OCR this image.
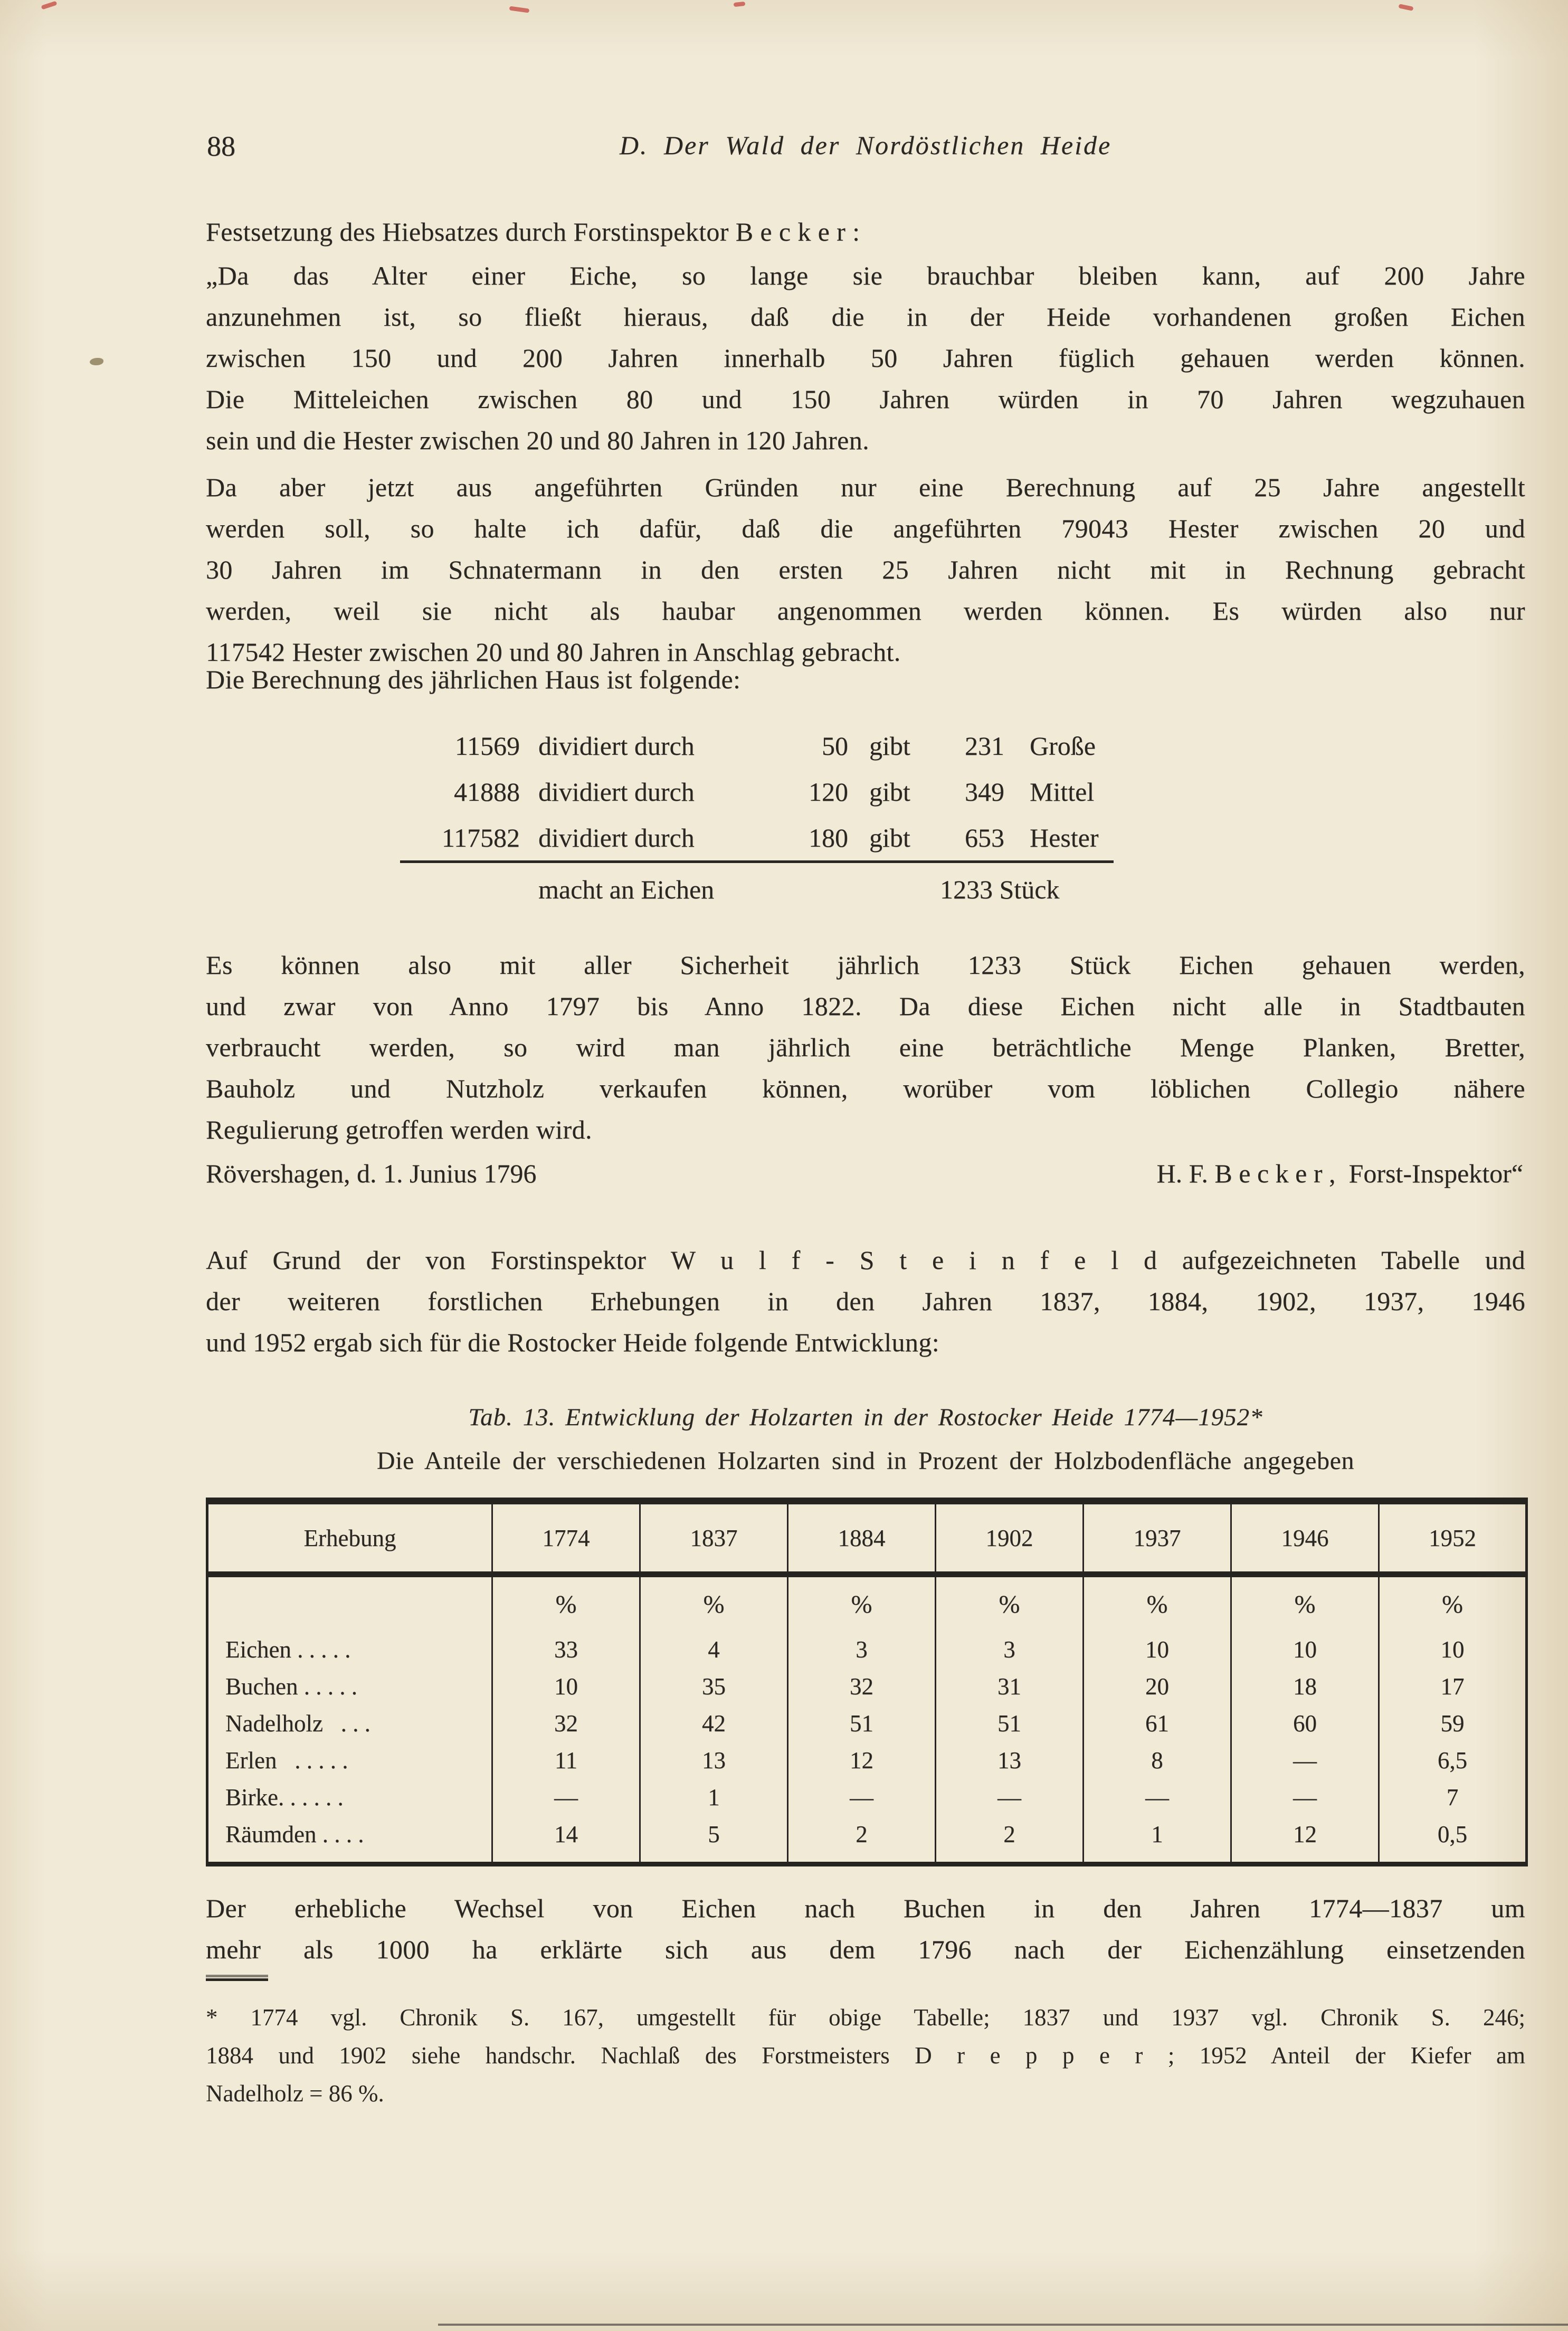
88	D. Der Wald der Nordöstlichen Heide
Festsetzung des Hiebsatzes durch Forstinspektor B e c k e r :
„Da das Alter einer Eiche, so lange sie brauchbar bleiben kann, auf 200 Jahre
anzunehmen ist, so fließt hieraus, daß die in der Heide vorhandenen großen Eichen
zwischen 150 und 200 Jahren innerhalb 50 Jahren füglich gehauen werden können.
Die Mitteleichen zwischen 80 und 150 Jahren würden in 70 Jahren wegzuhauen
sein und die Hester zwischen 20 und 80 Jahren in 120 Jahren.
Da aber jetzt aus angeführten Gründen nur eine Berechnung auf 25 Jahre angestellt
werden soll, so halte ich dafür, daß die angeführten 79043 Hester zwischen 20 und
30 Jahren im Schnatermann in den ersten 25 Jahren nicht mit in Rechnung gebracht
werden, weil sie nicht als haubar angenommen werden können. Es würden also nur
117542 Hester zwischen 20 und 80 Jahren in Anschlag gebracht.
Die Berechnung des jährlichen Haus ist folgende:
11569 dividiert durch	50 gibt	231 Große
41888 dividiert durch	120 gibt	349 Mittel
117582 dividiert durch	180 gibt	653 Hester
macht an Eichen	1233 Stück
Es können also mit aller Sicherheit jährlich 1233 Stück Eichen gehauen werden,
und zwar von Anno 1797 bis Anno 1822. Da diese Eichen nicht alle in Stadtbauten
verbraucht werden, so wird man jährlich eine beträchtliche Menge Planken, Bretter,
Bauholz und Nutzholz verkaufen können, worüber vom löblichen Collegio nähere
Regulierung getroffen werden wird.
Rövershagen, d. 1. Junius 1796	H. F. B e c k e r ,  Forst-Inspektor“
Auf Grund der von Forstinspektor W u l f - S t e i n f e l d aufgezeichneten Tabelle und
der weiteren forstlichen Erhebungen in den Jahren 1837, 1884, 1902, 1937, 1946
und 1952 ergab sich für die Rostocker Heide folgende Entwicklung:
Tab. 13. Entwicklung der Holzarten in der Rostocker Heide 1774—1952*
Die Anteile der verschiedenen Holzarten sind in Prozent der Holzbodenfläche angegeben
Erhebung	1774	1837	1884	1902	1937	1946	1952
	%	%	%	%	%	%	%
Eichen . . . . .	33	4	3	3	10	10	10
Buchen . . . . .	10	35	32	31	20	18	17
Nadelholz   . . .	32	42	51	51	61	60	59
Erlen   . . . . .	11	13	12	13	8	—	6,5
Birke. . . . . .	—	1	—	—	—	—	7
Räumden . . . .	14	5	2	2	1	12	0,5
Der erhebliche Wechsel von Eichen nach Buchen in den Jahren 1774—1837 um
mehr als 1000 ha erklärte sich aus dem 1796 nach der Eichenzählung einsetzenden
* 1774 vgl. Chronik S. 167, umgestellt für obige Tabelle; 1837 und 1937 vgl. Chronik S. 246;
1884 und 1902 siehe handschr. Nachlaß des Forstmeisters D r e p p e r ; 1952 Anteil der Kiefer am
Nadelholz = 86 %.
